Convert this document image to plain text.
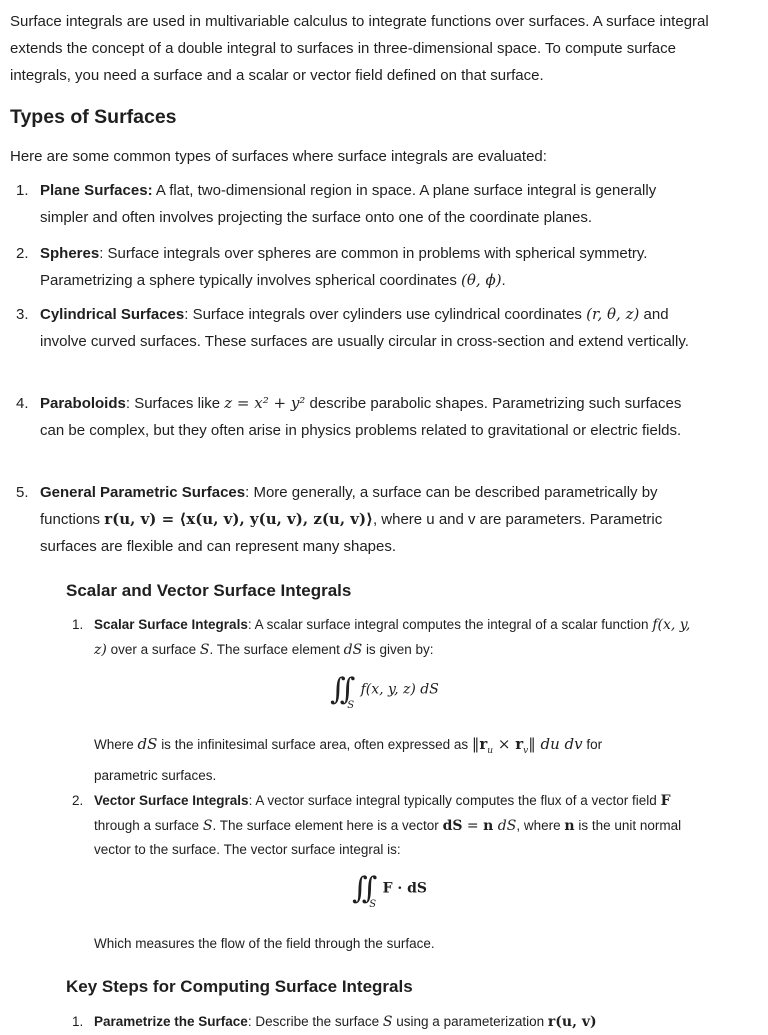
Surface integrals are used in multivariable calculus to integrate functions over surfaces. A surface integral extends the concept of a double integral to surfaces in three-dimensional space. To compute surface integrals, you need a surface and a scalar or vector field defined on that surface.

Types of Surfaces

Here are some common types of surfaces where surface integrals are evaluated:

1. Plane Surfaces: A flat, two-dimensional region in space. A plane surface integral is generally simpler and often involves projecting the surface onto one of the coordinate planes.
2. Spheres: Surface integrals over spheres are common in problems with spherical symmetry. Parametrizing a sphere typically involves spherical coordinates (θ, ϕ).
3. Cylindrical Surfaces: Surface integrals over cylinders use cylindrical coordinates (r, θ, z) and involve curved surfaces. These surfaces are usually circular in cross-section and extend vertically.
4. Paraboloids: Surfaces like z = x² + y² describe parabolic shapes. Parametrizing such surfaces can be complex, but they often arise in physics problems related to gravitational or electric fields.
5. General Parametric Surfaces: More generally, a surface can be described parametrically by functions r(u, v) = ⟨x(u, v), y(u, v), z(u, v)⟩, where u and v are parameters. Parametric surfaces are flexible and can represent many shapes.
Scalar and Vector Surface Integrals
1. Scalar Surface Integrals: A scalar surface integral computes the integral of a scalar function f(x, y, z) over a surface S. The surface element dS is given by:
$\int\int_S$ f(x, y, z) dS
Where dS is the infinitesimal surface area, often expressed as $‖r_u$ × $r_v‖$ du dv for
parametric surfaces.
2. Vector Surface Integrals: A vector surface integral typically computes the flux of a vector field F through a surface S. The surface element here is a vector dS = n dS, where n is the unit normal vector to the surface. The vector surface integral is:
$\int\int_S$ F · dS

Which measures the flow of the field through the surface.

Key Steps for Computing Surface Integrals
1. Parametrize the Surface: Describe the surface S using a parameterization r(u, v)
